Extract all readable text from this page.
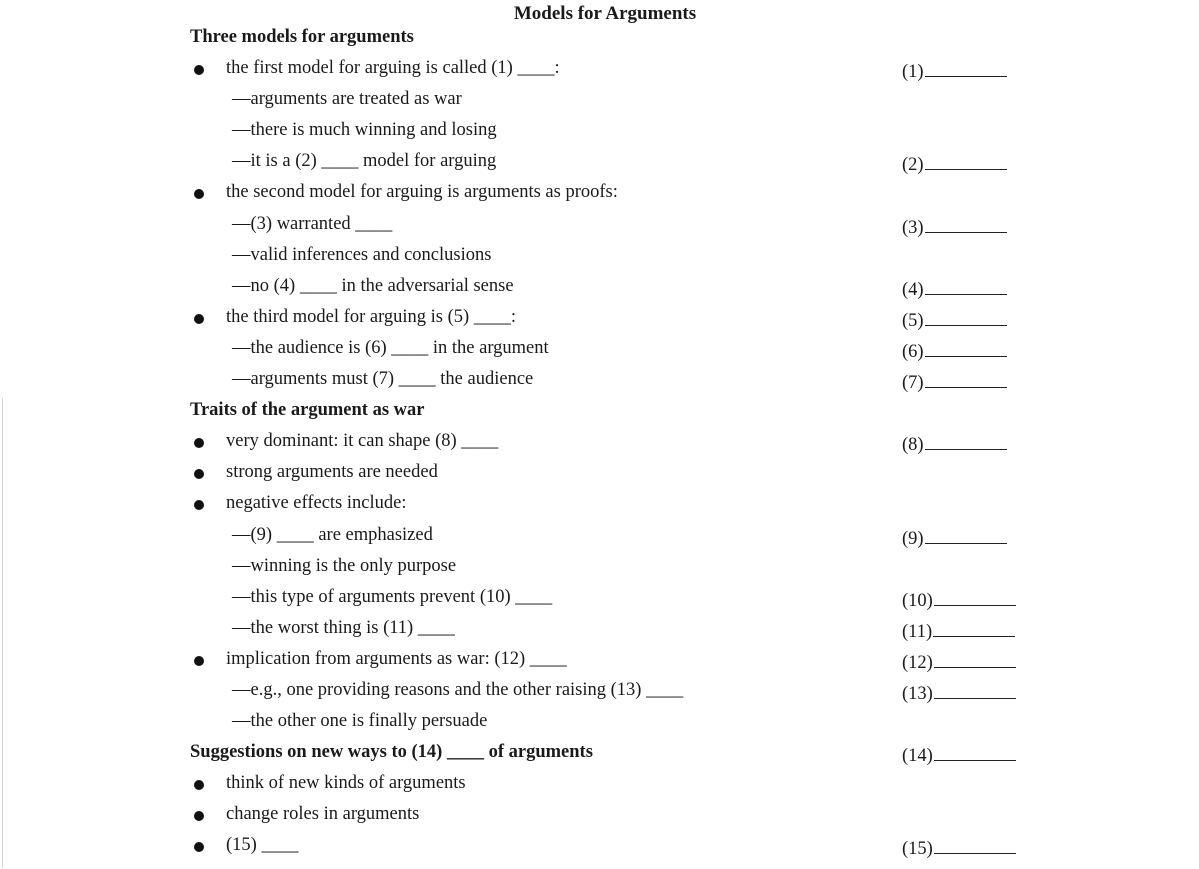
Models for Arguments
Three models for arguments
the first model for arguing is called (1) ____:	(1)
—arguments are treated as war
—there is much winning and losing
—it is a (2) ____ model for arguing	(2)
the second model for arguing is arguments as proofs:
—(3) warranted ____	(3)
—valid inferences and conclusions
—no (4) ____ in the adversarial sense	(4)
the third model for arguing is (5) ____:	(5)
—the audience is (6) ____ in the argument	(6)
—arguments must (7) ____ the audience	(7)
Traits of the argument as war
very dominant: it can shape (8) ____	(8)
strong arguments are needed
negative effects include:
—(9) ____ are emphasized	(9)
—winning is the only purpose
—this type of arguments prevent (10) ____	(10)
—the worst thing is (11) ____	(11)
implication from arguments as war: (12) ____	(12)
—e.g., one providing reasons and the other raising (13) ____	(13)
—the other one is finally persuade
Suggestions on new ways to (14) ____ of arguments	(14)
think of new kinds of arguments
change roles in arguments
(15) ____	(15)
